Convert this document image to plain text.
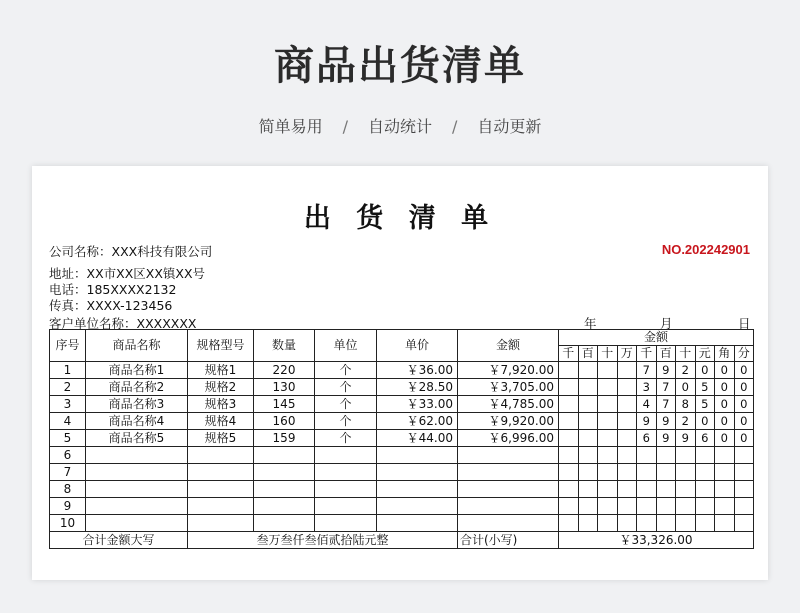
商品出货清单
简单易用 / 自动统计 / 自动更新
出 货 清 单
公司名称：XXX科技有限公司	NO.202242901
地址：XX市XX区XX镇XX号
电话：185XXXX2132
传真：XXXX-123456
客户单位名称：XXXXXXX	年	月	日
序号	商品名称	规格型号	数量	单位	单价	金额	金额									
							千	百	十	万	千	百	十	元	角	分
1	商品名称1	规格1	220	个	￥36.00	￥7,920.00					7	9	2	0	0	0
2	商品名称2	规格2	130	个	￥28.50	￥3,705.00					3	7	0	5	0	0
3	商品名称3	规格3	145	个	￥33.00	￥4,785.00					4	7	8	5	0	0
4	商品名称4	规格4	160	个	￥62.00	￥9,920.00					9	9	2	0	0	0
5	商品名称5	规格5	159	个	￥44.00	￥6,996.00					6	9	9	6	0	0
6																
7																
8																
9																
10																
合计金额大写		叁万叁仟叁佰贰拾陆元整				合计(小写)	￥33,326.00									
